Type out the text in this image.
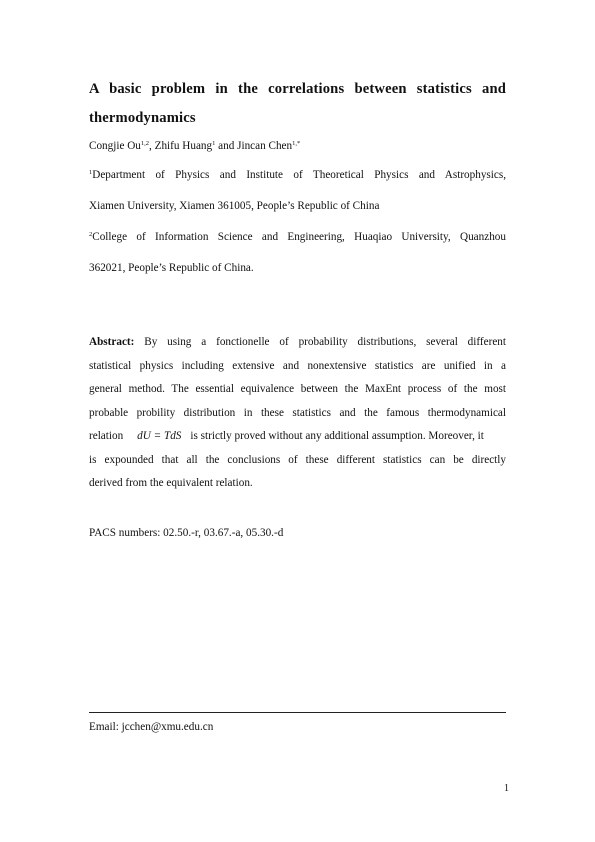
A basic problem in the correlations between statistics and
thermodynamics
Congjie Ou$^{1,2}$, Zhifu Huang$^1$ and Jincan Chen$^{1,*}$
$^1$Department of Physics and Institute of Theoretical Physics and Astrophysics,
Xiamen University, Xiamen 361005, People’s Republic of China
$^2$College of Information Science and Engineering, Huaqiao University, Quanzhou
362021, People’s Republic of China.
Abstract: By using a fonctionelle of probability distributions, several different
statistical physics including extensive and nonextensive statistics are unified in a
general method. The essential equivalence between the MaxEnt process of the most
probable probility distribution in these statistics and the famous thermodynamical
relation dU = TdS is strictly proved without any additional assumption. Moreover, it
is expounded that all the conclusions of these different statistics can be directly
derived from the equivalent relation.
PACS numbers: 02.50.-r, 03.67.-a, 05.30.-d
Email: jcchen@xmu.edu.cn
1
